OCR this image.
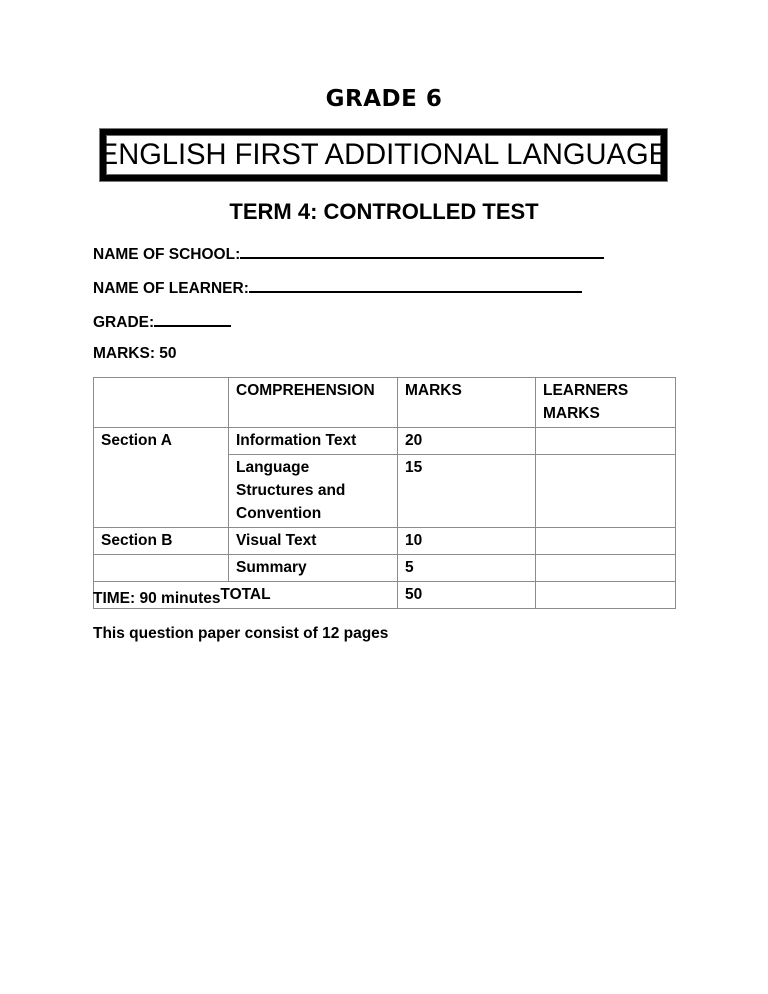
GRADE 6
ENGLISH FIRST ADDITIONAL LANGUAGE
TERM 4: CONTROLLED TEST
NAME OF SCHOOL:
NAME OF LEARNER:
GRADE:
MARKS: 50
	COMPREHENSION	MARKS	LEARNERS MARKS
Section A	Information Text	20	
	Language Structures and Convention	15	
Section B	Visual Text	10	
	Summary	5	
TOTAL		50	
TIME: 90 minutes
This question paper consist of 12 pages
